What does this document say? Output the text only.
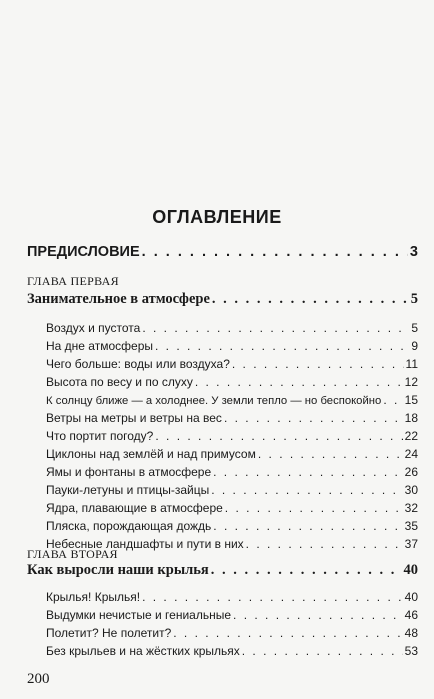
ОГЛАВЛЕНИЕ
ПРЕДИСЛОВИЕ . . .	3
ГЛАВА ПЕРВАЯ
Занимательное в атмосфере . . .	5
Воздух и пустота . . .	5
На дне атмосферы . . .	9
Чего больше: воды или воздуха? . . .	11
Высота по весу и по слуху . . .	12
К солнцу ближе — а холоднее. У земли тепло — но беспокойно . . . 15
Ветры на метры и ветры на вес . . .	18
Что портит погоду? . . .	22
Циклоны над землёй и над примусом . . .	24
Ямы и фонтаны в атмосфере . . .	26
Пауки-летуны и птицы-зайцы . . .	30
Ядра, плавающие в атмосфере . . .	32
Пляска, порождающая дождь . . .	35
Небесные ландшафты и пути в них . . .	37
ГЛАВА ВТОРАЯ
Как выросли наши крылья . . .	40
Крылья! Крылья! . . .	40
Выдумки нечистые и гениальные . . .	46
Полетит? Не полетит? . . .	48
Без крыльев и на жёстких крыльях . . .	53
200
